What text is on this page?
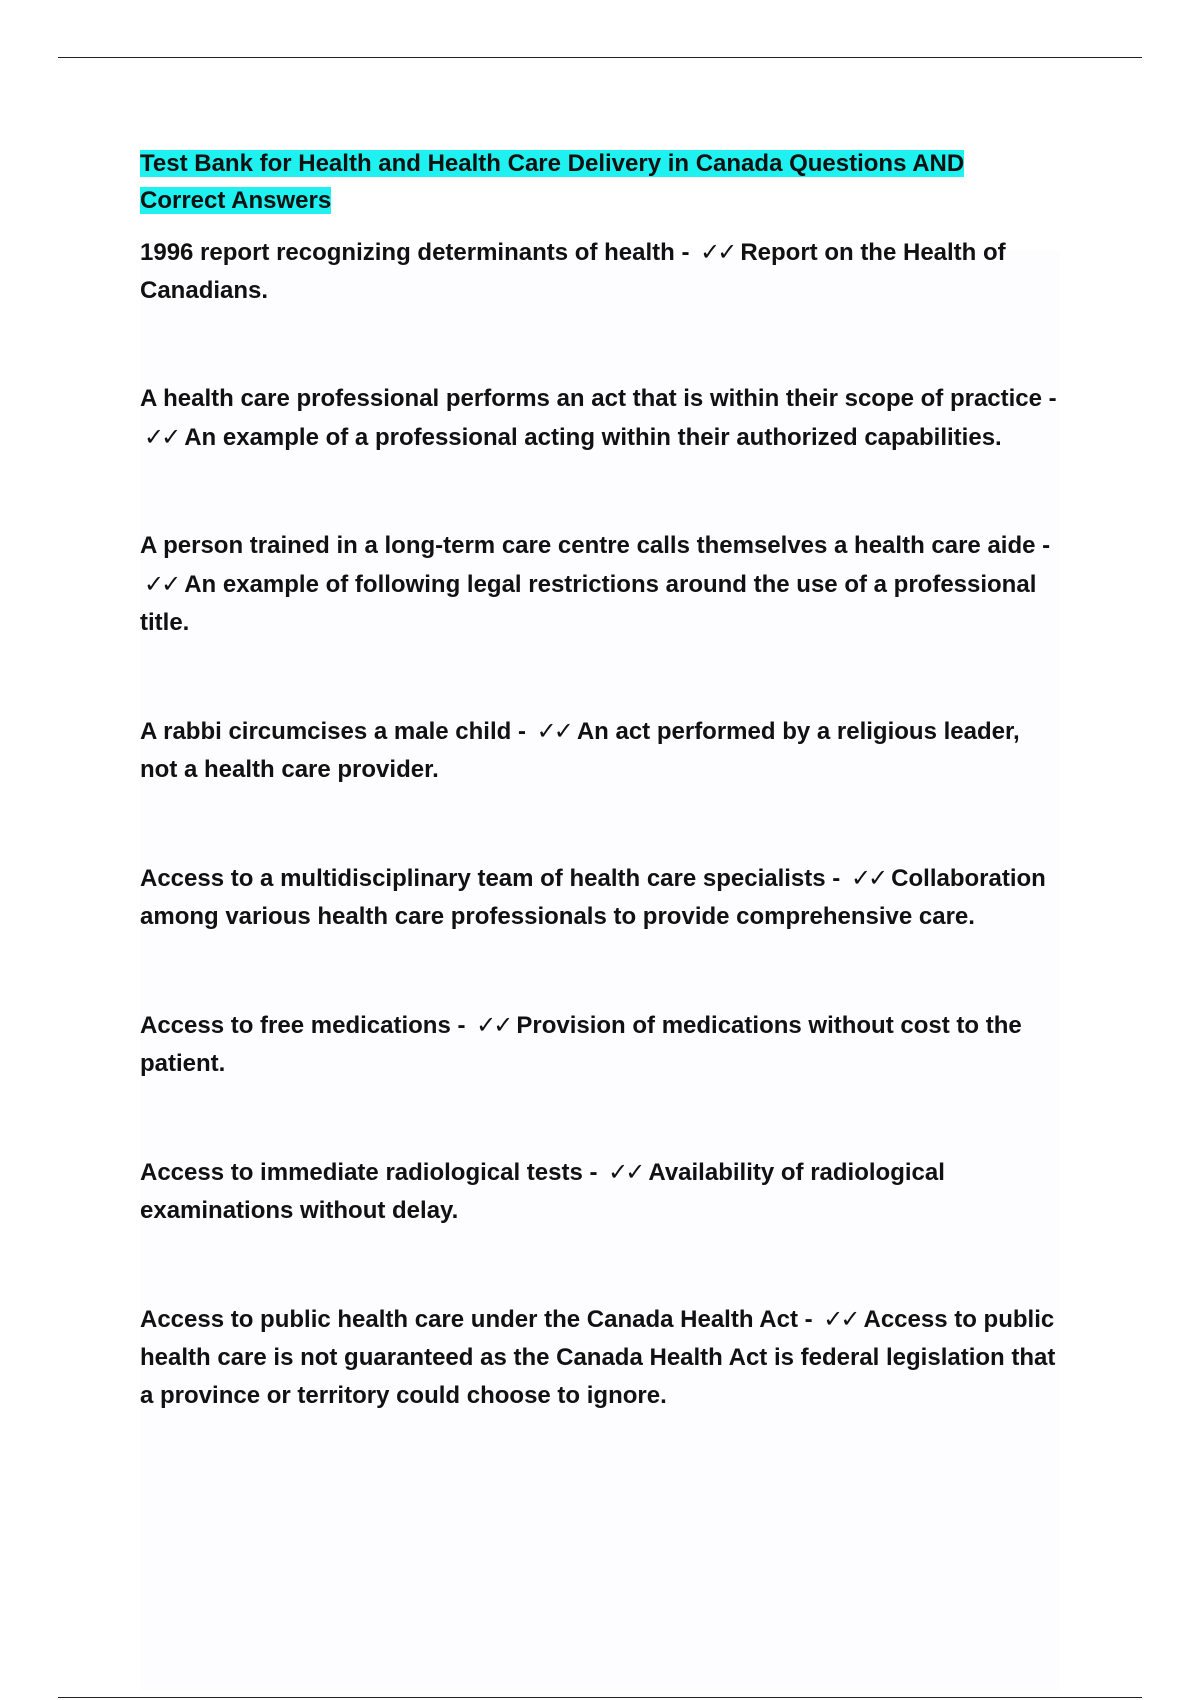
Test Bank for Health and Health Care Delivery in Canada Questions AND Correct Answers

1996 report recognizing determinants of health - ✓✓ Report on the Health of Canadians.

A health care professional performs an act that is within their scope of practice - ✓✓ An example of a professional acting within their authorized capabilities.

A person trained in a long-term care centre calls themselves a health care aide - ✓✓ An example of following legal restrictions around the use of a professional title.

A rabbi circumcises a male child - ✓✓ An act performed by a religious leader, not a health care provider.

Access to a multidisciplinary team of health care specialists - ✓✓ Collaboration among various health care professionals to provide comprehensive care.

Access to free medications - ✓✓ Provision of medications without cost to the patient.

Access to immediate radiological tests - ✓✓ Availability of radiological examinations without delay.

Access to public health care under the Canada Health Act - ✓✓ Access to public health care is not guaranteed as the Canada Health Act is federal legislation that a province or territory could choose to ignore.
